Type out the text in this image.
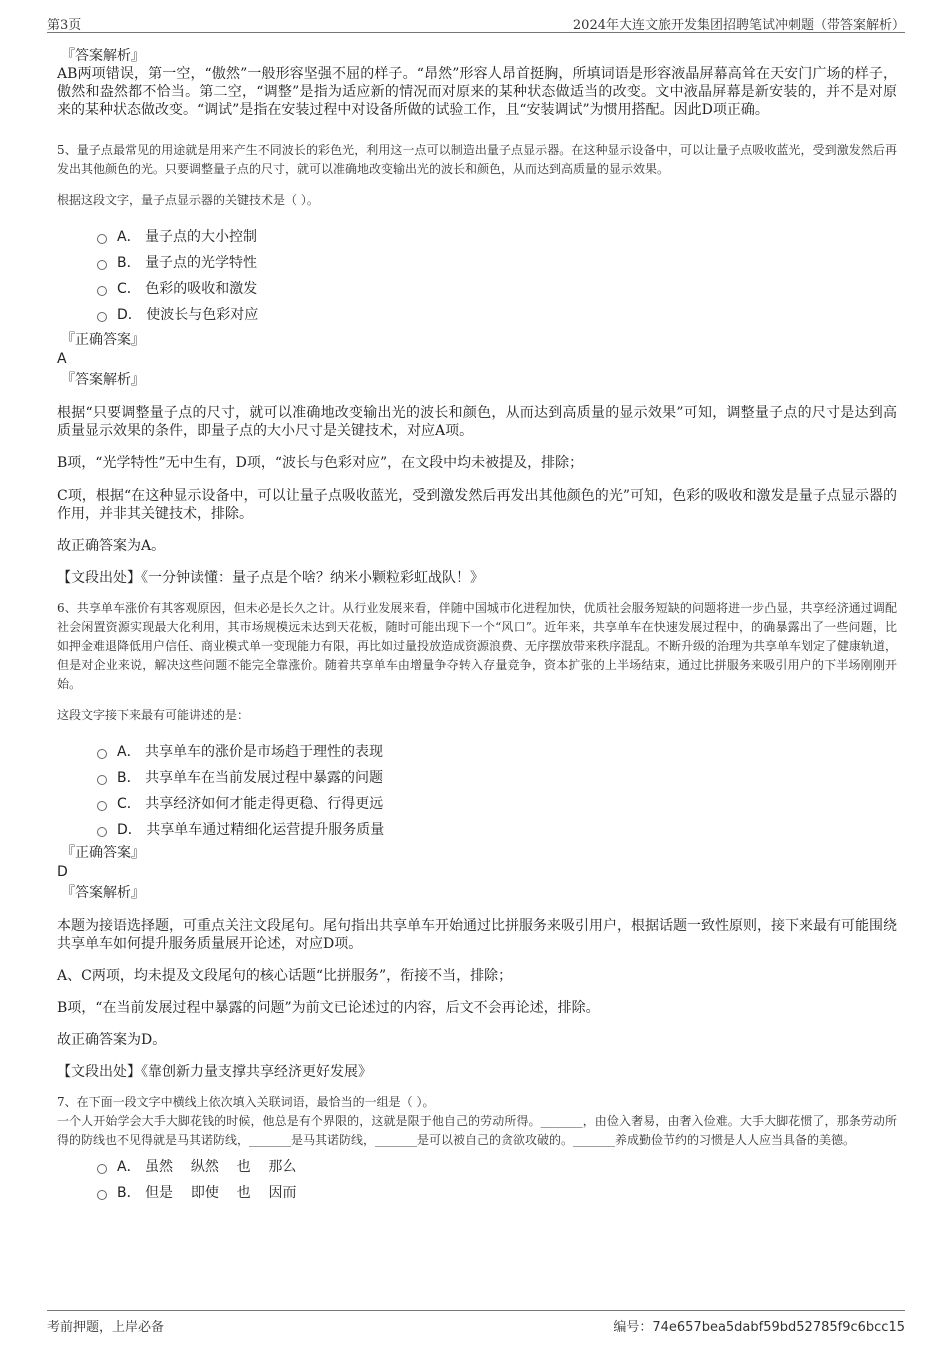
第3页	2024年大连文旅开发集团招聘笔试冲刺题（带答案解析）
『答案解析』
AB两项错误，第一空，“傲然”一般形容坚强不屈的样子。“昂然”形容人昂首挺胸，所填词语是形容液晶屏幕高耸在天安门广场的样子，傲然和盎然都不恰当。第二空，“调整”是指为适应新的情况而对原来的某种状态做适当的改变。文中液晶屏幕是新安装的，并不是对原来的某种状态做改变。“调试”是指在安装过程中对设备所做的试验工作，且“安装调试”为惯用搭配。因此D项正确。
5、量子点最常见的用途就是用来产生不同波长的彩色光，利用这一点可以制造出量子点显示器。在这种显示设备中，可以让量子点吸收蓝光，受到激发然后再发出其他颜色的光。只要调整量子点的尺寸，就可以准确地改变输出光的波长和颜色，从而达到高质量的显示效果。
根据这段文字，量子点显示器的关键技术是（ ）。
A． 量子点的大小控制
B． 量子点的光学特性
C． 色彩的吸收和激发
D． 使波长与色彩对应
『正确答案』
A
『答案解析』
根据“只要调整量子点的尺寸，就可以准确地改变输出光的波长和颜色，从而达到高质量的显示效果”可知，调整量子点的尺寸是达到高质量显示效果的条件，即量子点的大小尺寸是关键技术，对应A项。
B项，“光学特性”无中生有，D项，“波长与色彩对应”，在文段中均未被提及，排除；
C项，根据“在这种显示设备中，可以让量子点吸收蓝光，受到激发然后再发出其他颜色的光”可知，色彩的吸收和激发是量子点显示器的作用，并非其关键技术，排除。
故正确答案为A。
【文段出处】《一分钟读懂：量子点是个啥？纳米小颗粒彩虹战队！》
6、共享单车涨价有其客观原因，但未必是长久之计。从行业发展来看，伴随中国城市化进程加快，优质社会服务短缺的问题将进一步凸显，共享经济通过调配社会闲置资源实现最大化利用，其市场规模远未达到天花板，随时可能出现下一个“风口”。近年来，共享单车在快速发展过程中，的确暴露出了一些问题，比如押金难退降低用户信任、商业模式单一变现能力有限，再比如过量投放造成资源浪费、无序摆放带来秩序混乱。不断升级的治理为共享单车划定了健康轨道，但是对企业来说，解决这些问题不能完全靠涨价。随着共享单车由增量争夺转入存量竞争，资本扩张的上半场结束，通过比拼服务来吸引用户的下半场刚刚开始。
这段文字接下来最有可能讲述的是：
A． 共享单车的涨价是市场趋于理性的表现
B． 共享单车在当前发展过程中暴露的问题
C． 共享经济如何才能走得更稳、行得更远
D． 共享单车通过精细化运营提升服务质量
『正确答案』
D
『答案解析』
本题为接语选择题，可重点关注文段尾句。尾句指出共享单车开始通过比拼服务来吸引用户，根据话题一致性原则，接下来最有可能围绕共享单车如何提升服务质量展开论述，对应D项。
A、C两项，均未提及文段尾句的核心话题“比拼服务”，衔接不当，排除；
B项，“在当前发展过程中暴露的问题”为前文已论述过的内容，后文不会再论述，排除。
故正确答案为D。
【文段出处】《靠创新力量支撑共享经济更好发展》
7、在下面一段文字中横线上依次填入关联词语，最恰当的一组是（ ）。
一个人开始学会大手大脚花钱的时候，他总是有个界限的，这就是限于他自己的劳动所得。_______，由俭入奢易，由奢入俭难。大手大脚花惯了，那条劳动所得的防线也不见得就是马其诺防线，_______是马其诺防线，_______是可以被自己的贪欲攻破的。_______养成勤俭节约的习惯是人人应当具备的美德。
A． 虽然    纵然    也    那么
B． 但是    即使    也    因而
考前押题，上岸必备	编号：74e657bea5dabf59bd52785f9c6bcc15
